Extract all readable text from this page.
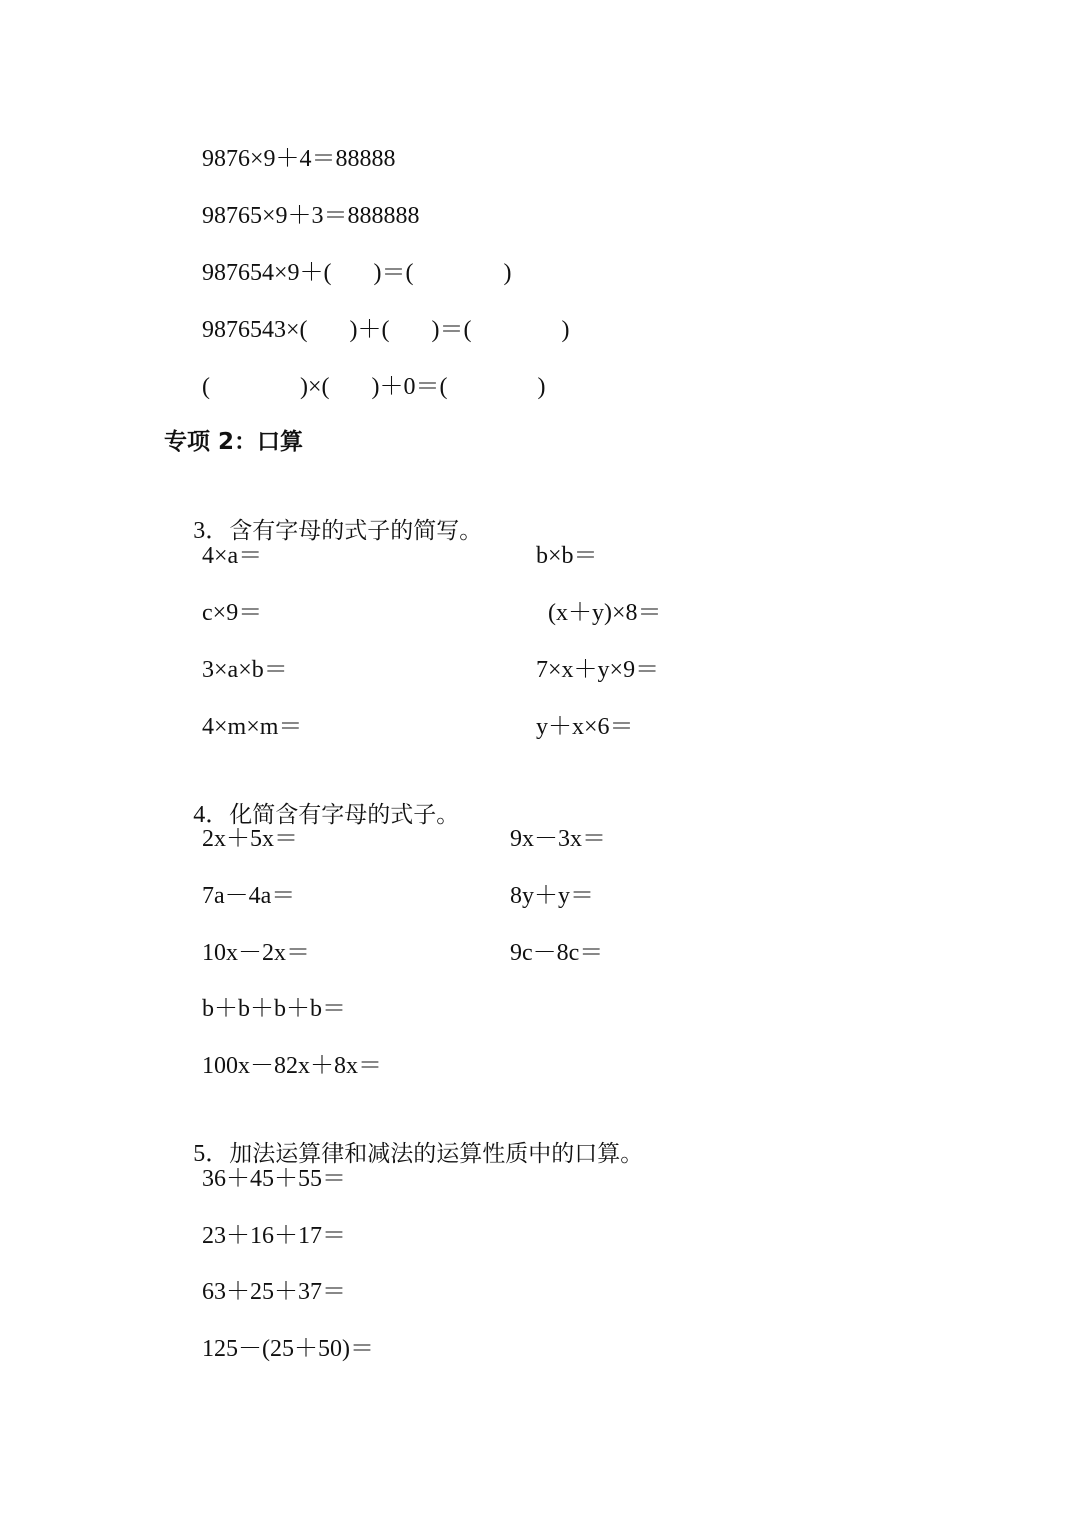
9876×9＋4＝88888
98765×9＋3＝888888
987654×9＋(       )＝(               )
9876543×(       )＋(       )＝(               )
(               )×(       )＋0＝(               )
专项 2：口算

3．含有字母的式子的简写。

4×a＝
c×9＝
3×a×b＝
4×m×m＝
b×b＝
(x＋y)×8＝
7×x＋y×9＝
y＋x×6＝

4．化简含有字母的式子。

2x＋5x＝
7a－4a＝
10x－2x＝
b＋b＋b＋b＝
100x－82x＋8x＝
9x－3x＝
8y＋y＝
9c－8c＝

5．加法运算律和减法的运算性质中的口算。

36＋45＋55＝
23＋16＋17＝
63＋25＋37＝
125－(25＋50)＝
